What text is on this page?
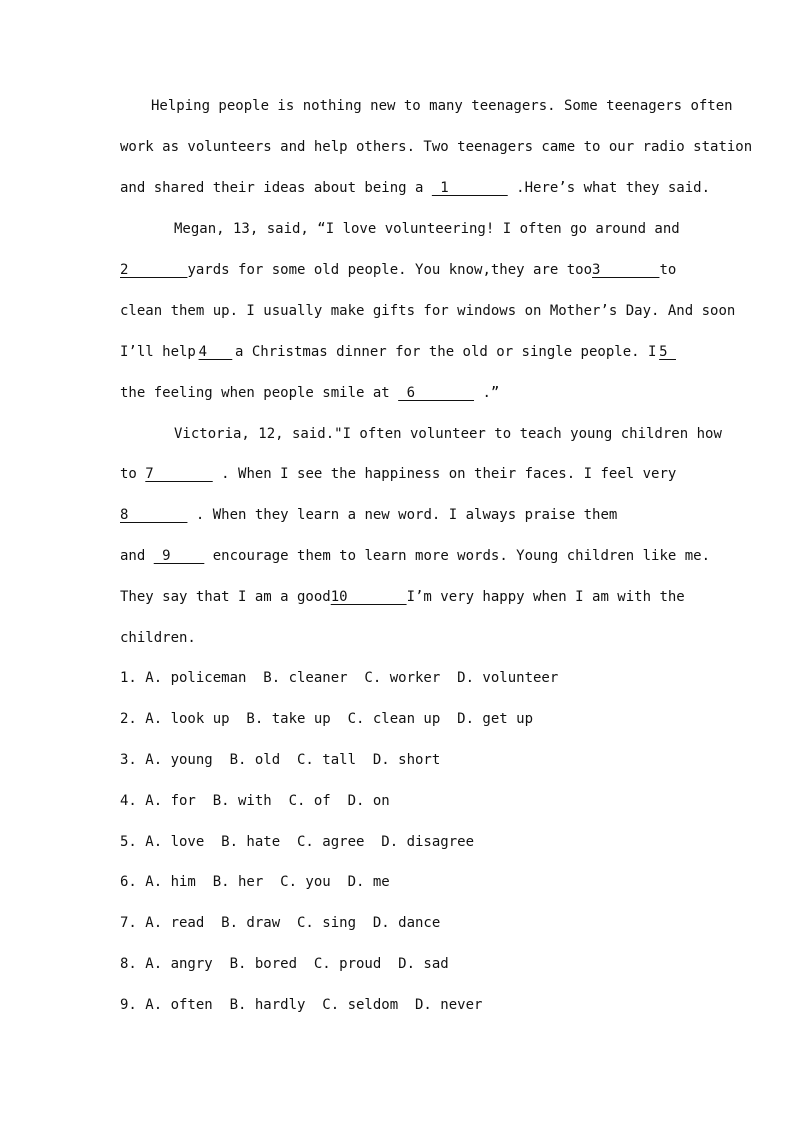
Helping people is nothing new to many teenagers. Some teenagers often
work as volunteers and help others. Two teenagers came to our radio station
and shared their ideas about being a  1        .Here’s what they said.
Megan, 13, said, “I love volunteering! I often go around and
2 yards for some old people. You know,they are too 3 to
clean them up. I usually make gifts for windows on Mother’s Day. And soon
I’ll help 4 a Christmas dinner for the old or single people. I 5
the feeling when people smile at  6        .”
Victoria, 12, said."I often volunteer to teach young children how
to 7        . When I see the happiness on their faces. I feel very
8        . When they learn a new word. I always praise them
and  9     encourage them to learn more words. Young children like me.
They say that I am a good 10 I’m very happy when I am with the
children.
1. A. policeman  B. cleaner  C. worker  D. volunteer
2. A. look up  B. take up  C. clean up  D. get up
3. A. young  B. old  C. tall  D. short
4. A. for  B. with  C. of  D. on
5. A. love  B. hate  C. agree  D. disagree
6. A. him  B. her  C. you  D. me
7. A. read  B. draw  C. sing  D. dance
8. A. angry  B. bored  C. proud  D. sad
9. A. often  B. hardly  C. seldom  D. never
